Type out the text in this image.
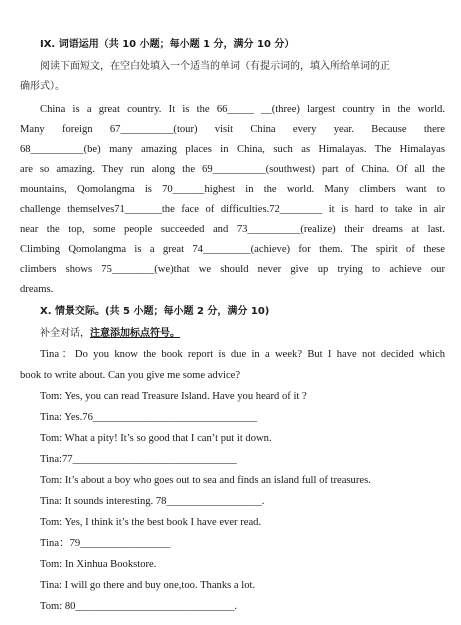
IX. 词语运用（共 10 小题；每小题 1 分，满分 10 分）
阅读下面短文，在空白处填入一个适当的单词（有提示词的，填入所给单词的正
确形式）。
China is a great country. It is the 66_____ __(three) largest country in the world.
Many foreign 67__________(tour) visit China every year. Because there
68__________(be) many amazing places in China, such as Himalayas. The Himalayas
are so amazing. They run along the 69__________(southwest) part of China. Of all the
mountains, Qomolangma is 70______highest in the world. Many climbers want to
challenge themselves71_______the face of difficulties.72________ it is hard to take in air
near the top, some people succeeded and 73__________(realize) their dreams at last.
Climbing Qomolangma is a great 74_________(achieve) for them. The spirit of these
climbers shows 75________(we)that we should never give up trying to achieve our
dreams.
X. 情景交际。(共 5 小题；每小题 2 分，满分 10)
补全对话，注意添加标点符号。
Tina：Do you know the book report is due in a week? But I have not decided which
book to write about. Can you give me some advice?
Tom: Yes, you can read Treasure Island. Have you heard of it ?
Tina: Yes.76_______________________________
Tom: What a pity! It’s so good that I can’t put it down.
Tina:77_______________________________
Tom: It’s about a boy who goes out to sea and finds an island full of treasures.
Tina: It sounds interesting. 78__________________.
Tom: Yes, I think it’s the best book I have ever read.
Tina：79_________________
Tom: In Xinhua Bookstore.
Tina: I will go there and buy one,too. Thanks a lot.
Tom: 80______________________________.
